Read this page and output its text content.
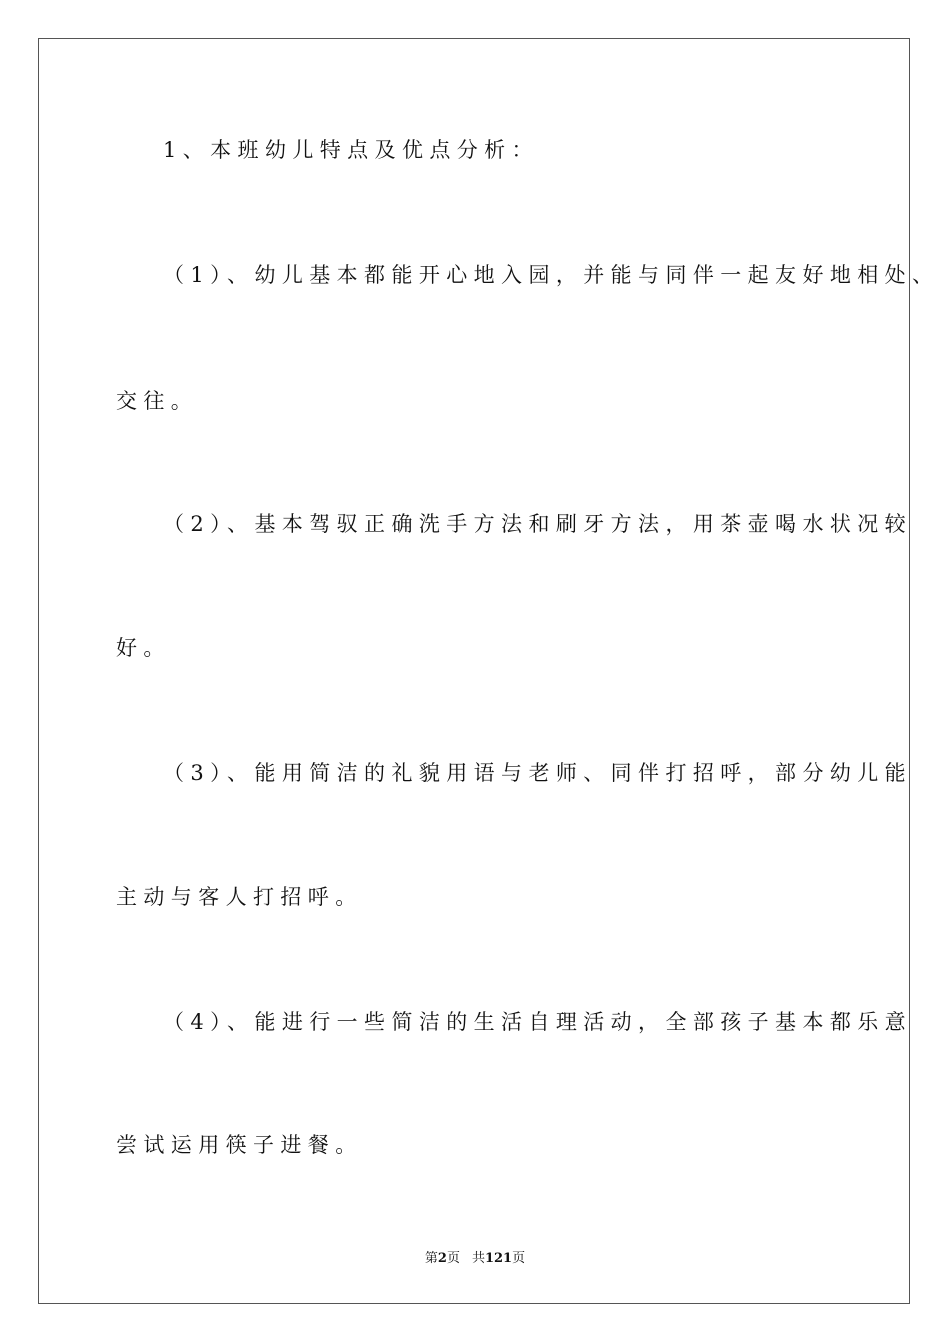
1、本班幼儿特点及优点分析：
（1）、幼儿基本都能开心地入园，并能与同伴一起友好地相处、
交往。
（2）、基本驾驭正确洗手方法和刷牙方法，用茶壶喝水状况较
好。
（3）、能用简洁的礼貌用语与老师、同伴打招呼，部分幼儿能
主动与客人打招呼。
（4）、能进行一些简洁的生活自理活动，全部孩子基本都乐意
尝试运用筷子进餐。
第2页 共121页
